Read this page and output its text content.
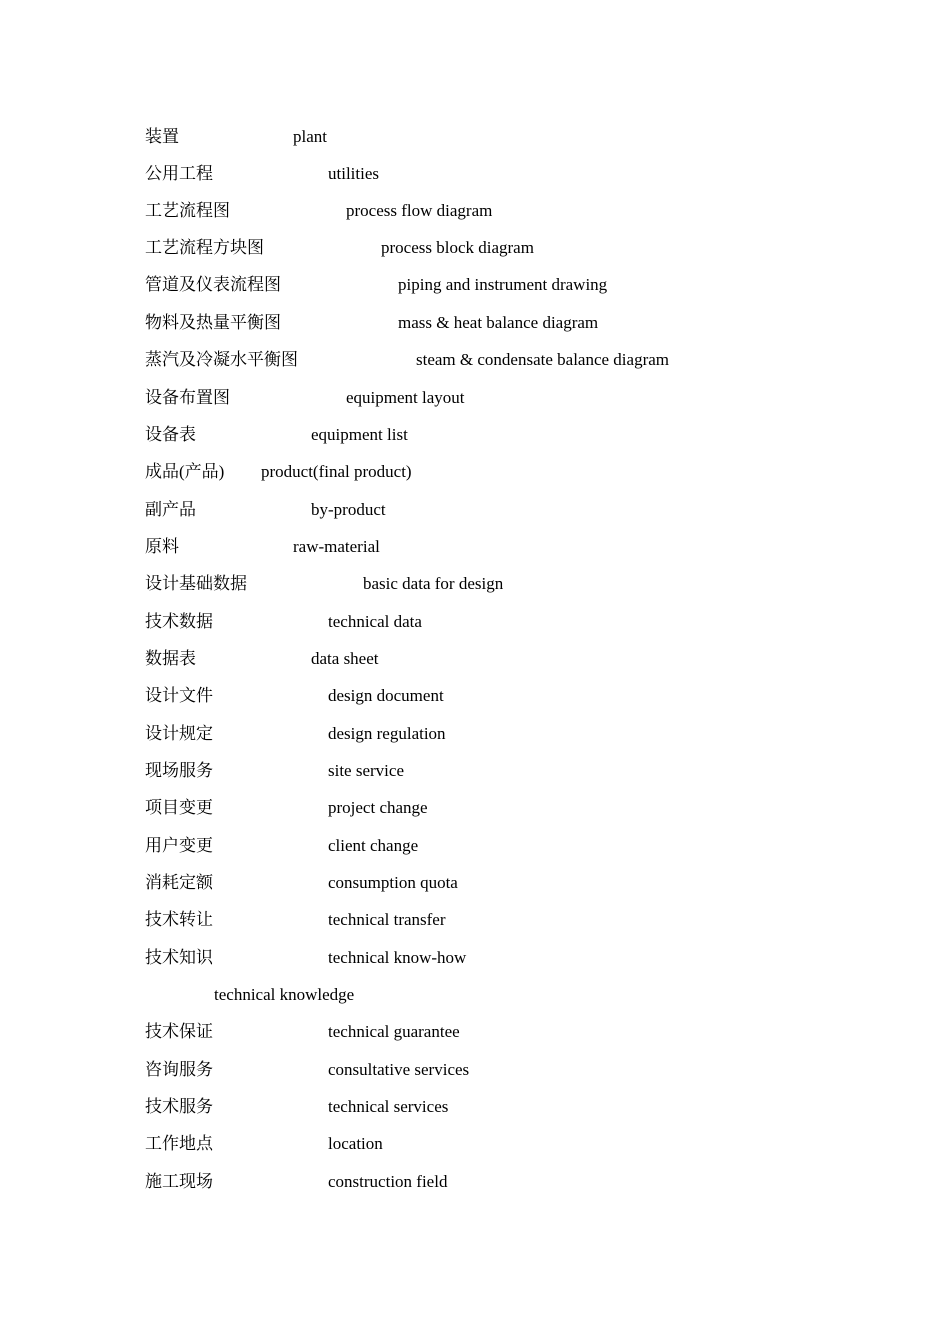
装置	plant
公用工程	utilities
工艺流程图	process flow diagram
工艺流程方块图	process block diagram
管道及仪表流程图	piping and instrument drawing
物料及热量平衡图	mass & heat balance diagram
蒸汽及冷凝水平衡图	steam & condensate balance diagram
设备布置图	equipment layout
设备表	equipment list
成品(产品) product(final product)
副产品	by-product
原料	raw-material
设计基础数据	basic data for design
技术数据	technical data
数据表	data sheet
设计文件	design document
设计规定	design regulation
现场服务	site service
项目变更	project change
用户变更	client change
消耗定额	consumption quota
技术转让	technical transfer
技术知识	technical know-how
technical knowledge
技术保证	technical guarantee
咨询服务	consultative services
技术服务	technical services
工作地点	location
施工现场	construction field
